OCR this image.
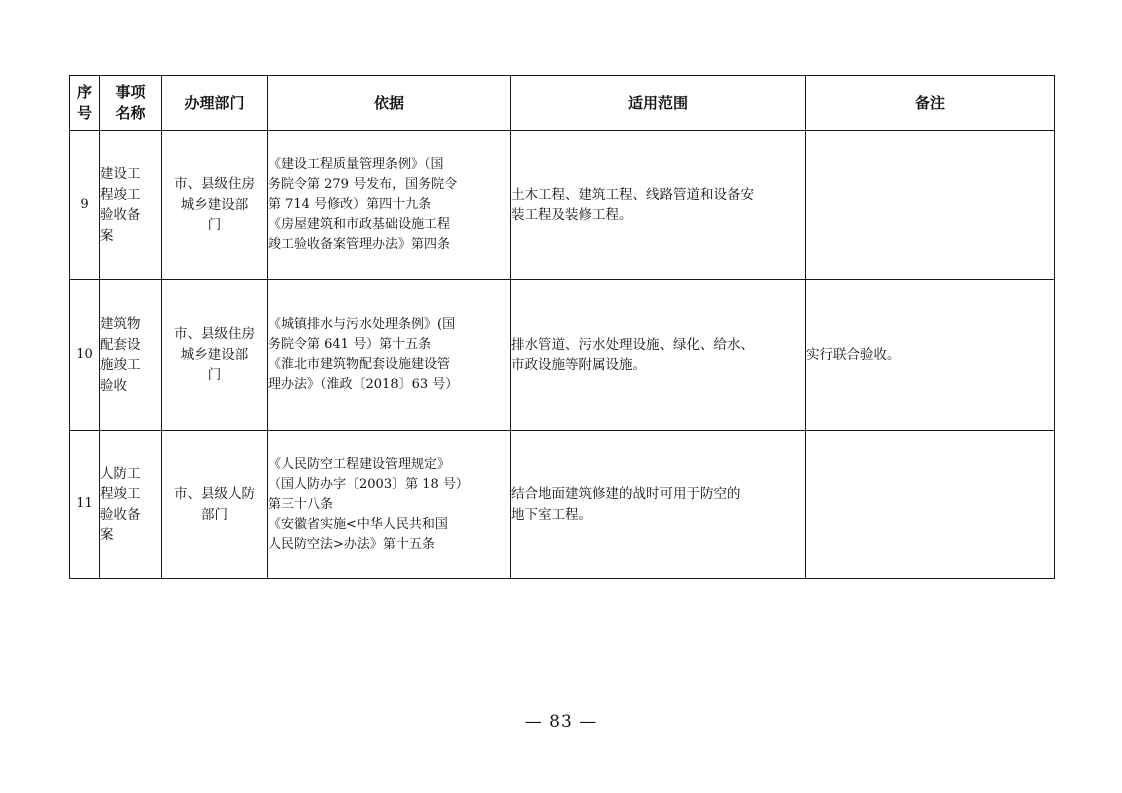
序号	事项名称	办理部门	依据	适用范围	备注
9	建设工
程竣工
验收备
案	市、县级住房
城乡建设部
门	《建设工程质量管理条例》（国
务院令第 279 号发布，国务院令
第 714 号修改）第四十九条
《房屋建筑和市政基础设施工程
竣工验收备案管理办法》第四条	土木工程、建筑工程、线路管道和设备安
装工程及装修工程。	

10	建筑物
配套设
施竣工
验收	市、县级住房
城乡建设部
门	《城镇排水与污水处理条例》(国
务院令第 641 号）第十五条
《淮北市建筑物配套设施建设管
理办法》（淮政〔2018〕63 号）	排水管道、污水处理设施、绿化、给水、
市政设施等附属设施。	实行联合验收。
11	人防工
程竣工
验收备
案	市、县级人防
部门	《人民防空工程建设管理规定》
（国人防办字〔2003〕第 18 号）
第三十八条
《安徽省实施<中华人民共和国
人民防空法>办法》第十五条	结合地面建筑修建的战时可用于防空的
地下室工程。	

— 83 —
